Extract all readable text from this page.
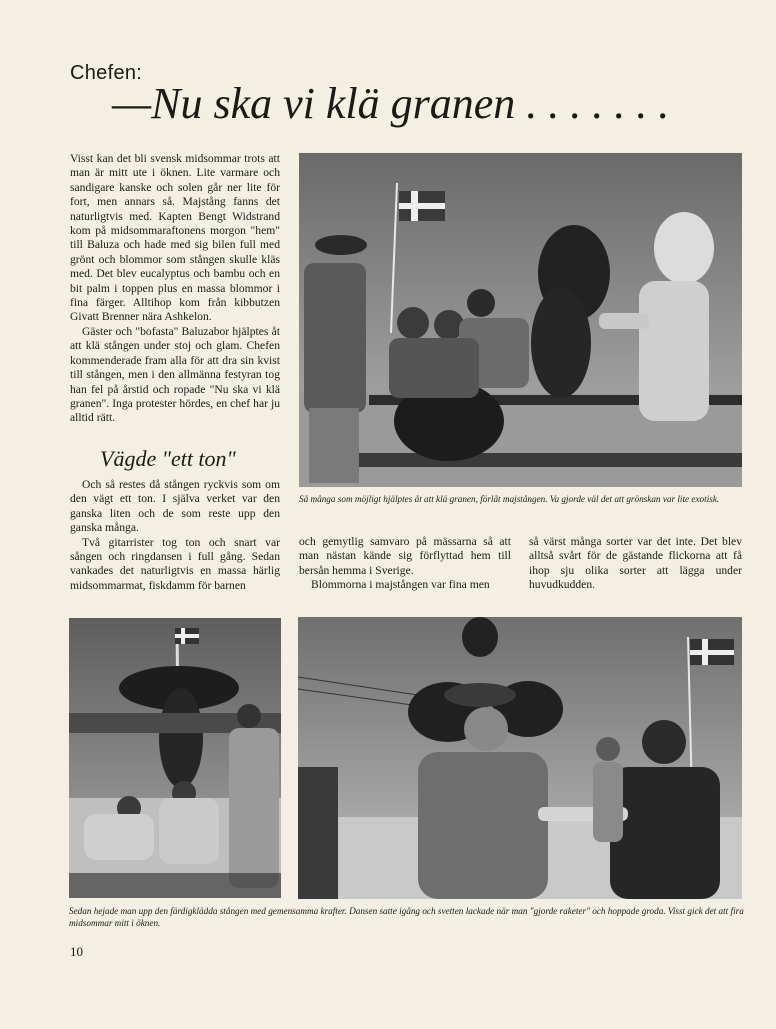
Chefen:
—Nu ska vi klä granen . . . . . . .

Visst kan det bli svensk midsommar trots att man är mitt ute i öknen. Lite varmare och sandigare kanske och solen går ner lite för fort, men annars så. Majstång fanns det naturligtvis med. Kapten Bengt Widstrand kom på midsommaraftonens morgon "hem" till Baluza och hade med sig bilen full med grönt och blommor som stången skulle kläs med. Det blev eucalyptus och bambu och en bit palm i toppen plus en massa blommor i fina färger. Alltihop kom från kibbutzen Givatt Brenner nära Ashkelon.

Gäster och "bofasta" Baluzabor hjälptes åt att klä stången under stoj och glam. Chefen kommenderade fram alla för att dra sin kvist till stången, men i den allmänna festyran tog han fel på årstid och ropade "Nu ska vi klä granen". Inga protester hördes, en chef har ju alltid rätt.

Vägde "ett ton"

Och så restes då stången ryckvis som om den vägt ett ton. I själva verket var den ganska liten och de som reste upp den ganska många.

Två gitarrister tog ton och snart var sången och ringdansen i full gång. Sedan vankades det naturligtvis en massa härlig midsommarmat, fiskdamm för barnen

Så många som möjligt hjälptes åt att klä granen, förlåt majstången. Va gjorde väl det att grönskan var lite exotisk.

och gemytlig samvaro på mässarna så att man nästan kände sig förflyttad hem till bersån hemma i Sverige.

Blommorna i majstången var fina men

så värst många sorter var det inte. Det blev alltså svårt för de gästande flickorna att få ihop sju olika sorter att lägga under huvudkudden.

Sedan hejade man upp den färdigklädda stången med gemensamma krafter. Dansen satte igång och svetten lackade när man "gjorde raketer" och hoppade groda. Visst gick det att fira midsommar mitt i öknen.
10
